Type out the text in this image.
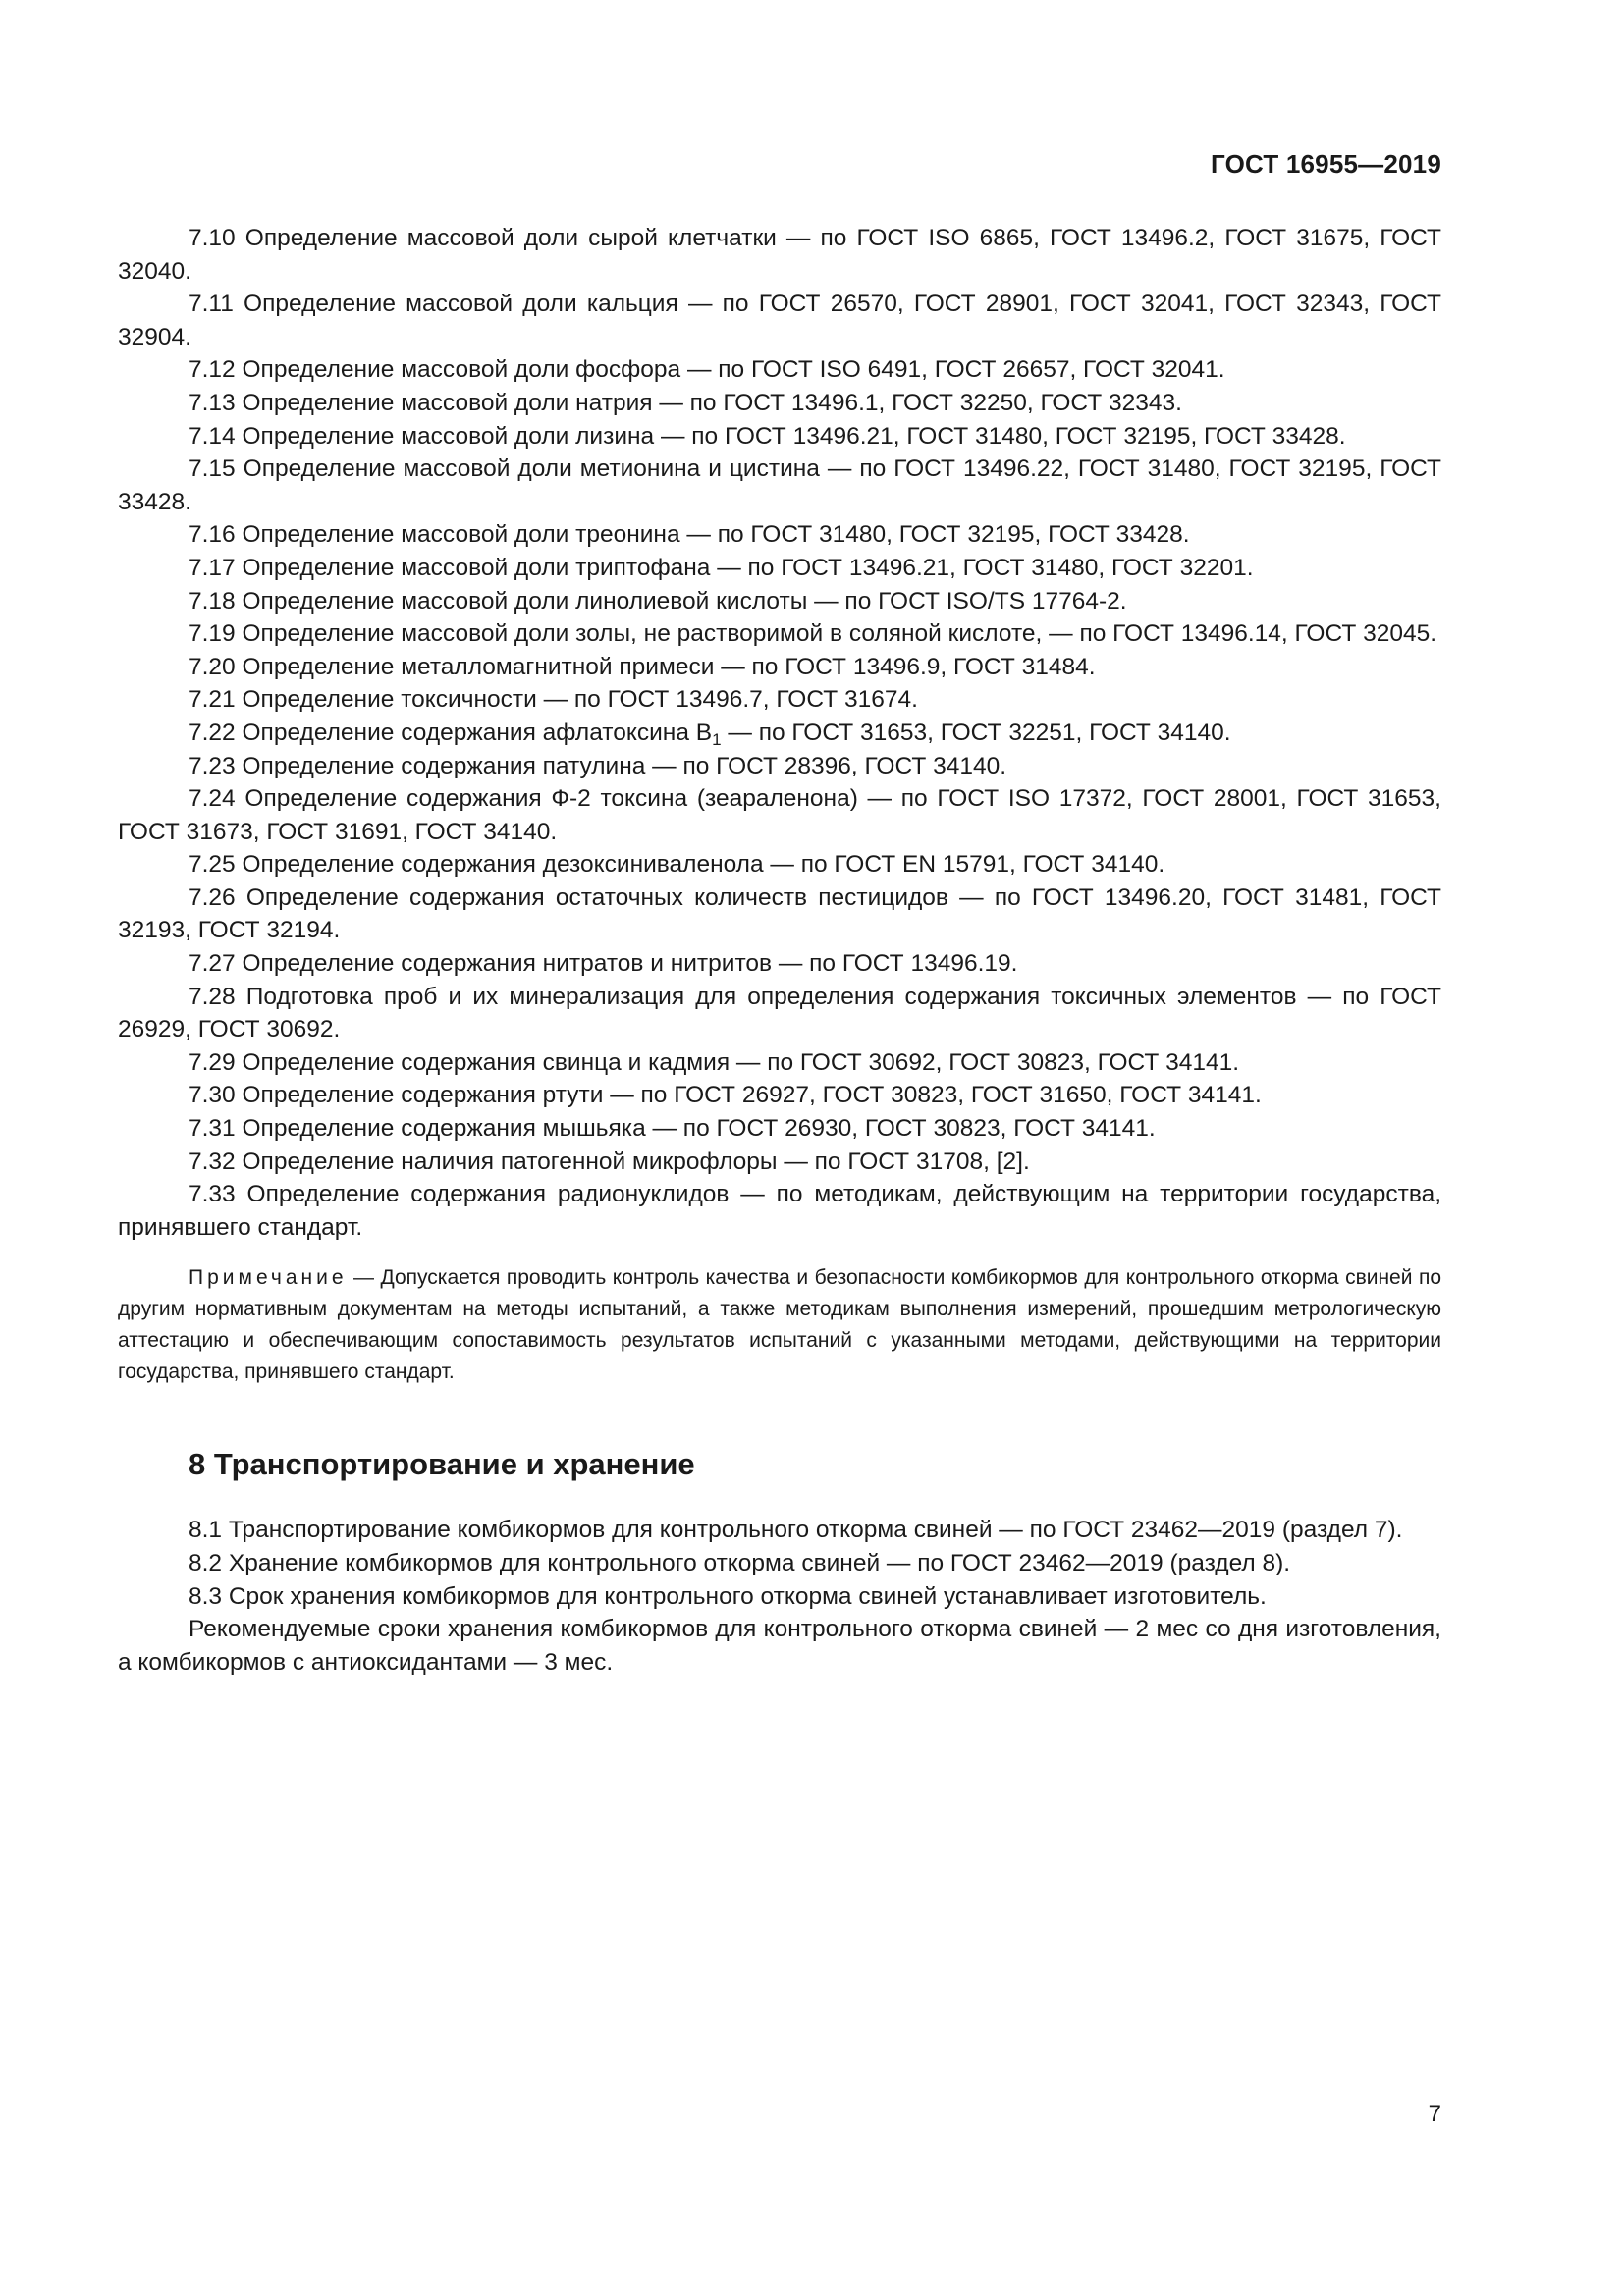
ГОСТ 16955—2019

7.10 Определение массовой доли сырой клетчатки — по ГОСТ ISO 6865, ГОСТ 13496.2, ГОСТ 31675, ГОСТ 32040.

7.11 Определение массовой доли кальция — по ГОСТ 26570, ГОСТ 28901, ГОСТ 32041, ГОСТ 32343, ГОСТ 32904.

7.12 Определение массовой доли фосфора — по ГОСТ ISO 6491, ГОСТ 26657, ГОСТ 32041.

7.13 Определение массовой доли натрия — по ГОСТ 13496.1, ГОСТ 32250, ГОСТ 32343.

7.14 Определение массовой доли лизина — по ГОСТ 13496.21, ГОСТ 31480, ГОСТ 32195, ГОСТ 33428.

7.15 Определение массовой доли метионина и цистина — по ГОСТ 13496.22, ГОСТ 31480, ГОСТ 32195, ГОСТ 33428.

7.16 Определение массовой доли треонина — по ГОСТ 31480, ГОСТ 32195, ГОСТ 33428.

7.17 Определение массовой доли триптофана — по ГОСТ 13496.21, ГОСТ 31480, ГОСТ 32201.

7.18 Определение массовой доли линолиевой кислоты — по ГОСТ ISO/TS 17764-2.

7.19 Определение массовой доли золы, не растворимой в соляной кислоте, — по ГОСТ 13496.14, ГОСТ 32045.

7.20 Определение металломагнитной примеси — по ГОСТ 13496.9, ГОСТ 31484.

7.21 Определение токсичности — по ГОСТ 13496.7, ГОСТ 31674.

7.22 Определение содержания афлатоксина $B_1$ — по ГОСТ 31653, ГОСТ 32251, ГОСТ 34140.

7.23 Определение содержания патулина — по ГОСТ 28396, ГОСТ 34140.

7.24 Определение содержания Ф-2 токсина (зеараленона) — по ГОСТ ISO 17372, ГОСТ 28001, ГОСТ 31653, ГОСТ 31673, ГОСТ 31691, ГОСТ 34140.

7.25 Определение содержания дезоксиниваленола — по ГОСТ EN 15791, ГОСТ 34140.

7.26 Определение содержания остаточных количеств пестицидов — по ГОСТ 13496.20, ГОСТ 31481, ГОСТ 32193, ГОСТ 32194.

7.27 Определение содержания нитратов и нитритов — по ГОСТ 13496.19.

7.28 Подготовка проб и их минерализация для определения содержания токсичных элементов — по ГОСТ 26929, ГОСТ 30692.

7.29 Определение содержания свинца и кадмия — по ГОСТ 30692, ГОСТ 30823, ГОСТ 34141.

7.30 Определение содержания ртути — по ГОСТ 26927, ГОСТ 30823, ГОСТ 31650, ГОСТ 34141.

7.31 Определение содержания мышьяка — по ГОСТ 26930, ГОСТ 30823, ГОСТ 34141.

7.32 Определение наличия патогенной микрофлоры — по ГОСТ 31708, [2].

7.33 Определение содержания радионуклидов — по методикам, действующим на территории государства, принявшего стандарт.

Примечание — Допускается проводить контроль качества и безопасности комбикормов для контрольного откорма свиней по другим нормативным документам на методы испытаний, а также методикам выполнения измерений, прошедшим метрологическую аттестацию и обеспечивающим сопоставимость результатов испытаний с указанными методами, действующими на территории государства, принявшего стандарт.

8 Транспортирование и хранение

8.1 Транспортирование комбикормов для контрольного откорма свиней — по ГОСТ 23462—2019 (раздел 7).

8.2 Хранение комбикормов для контрольного откорма свиней — по ГОСТ 23462—2019 (раздел 8).

8.3 Срок хранения комбикормов для контрольного откорма свиней устанавливает изготовитель.

Рекомендуемые сроки хранения комбикормов для контрольного откорма свиней — 2 мес со дня изготовления, а комбикормов с антиоксидантами — 3 мес.

7
